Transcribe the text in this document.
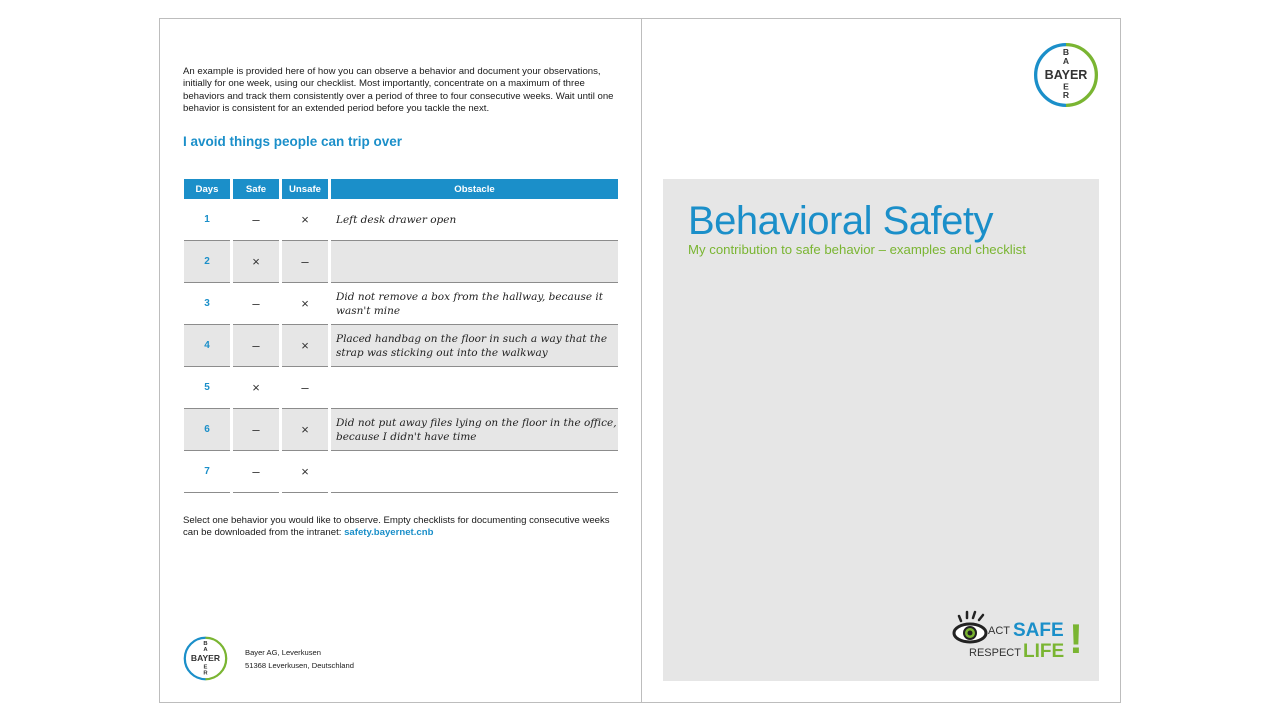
An example is provided here of how you can observe a behavior and document your observations, initially for one week, using our checklist. Most importantly, concentrate on a maximum of three behaviors and track them consistently over a period of three to four consecutive weeks. Wait until one behavior is consistent for an extended period before you tackle the next.
I avoid things people can trip over
Days	Safe	Unsafe	Obstacle
1	–	×	Left desk drawer open
2	×	–	
3	–	×	Did not remove a box from the hallway, because it wasn't mine
4	–	×	Placed handbag on the floor in such a way that the strap was sticking out into the walkway
5	×	–	
6	–	×	Did not put away files lying on the floor in the office, because I didn't have time
7	–	×	
Select one behavior you would like to observe. Empty checklists for documenting consecutive weeks can be downloaded from the intranet: safety.bayernet.cnb
BAYER
B
A
E
R
Bayer AG, Leverkusen
51368 Leverkusen, Deutschland
BAYER
B
A
E
R
Behavioral Safety
My contribution to safe behavior – examples and checklist
ACT SAFE
RESPECT LIFE !
